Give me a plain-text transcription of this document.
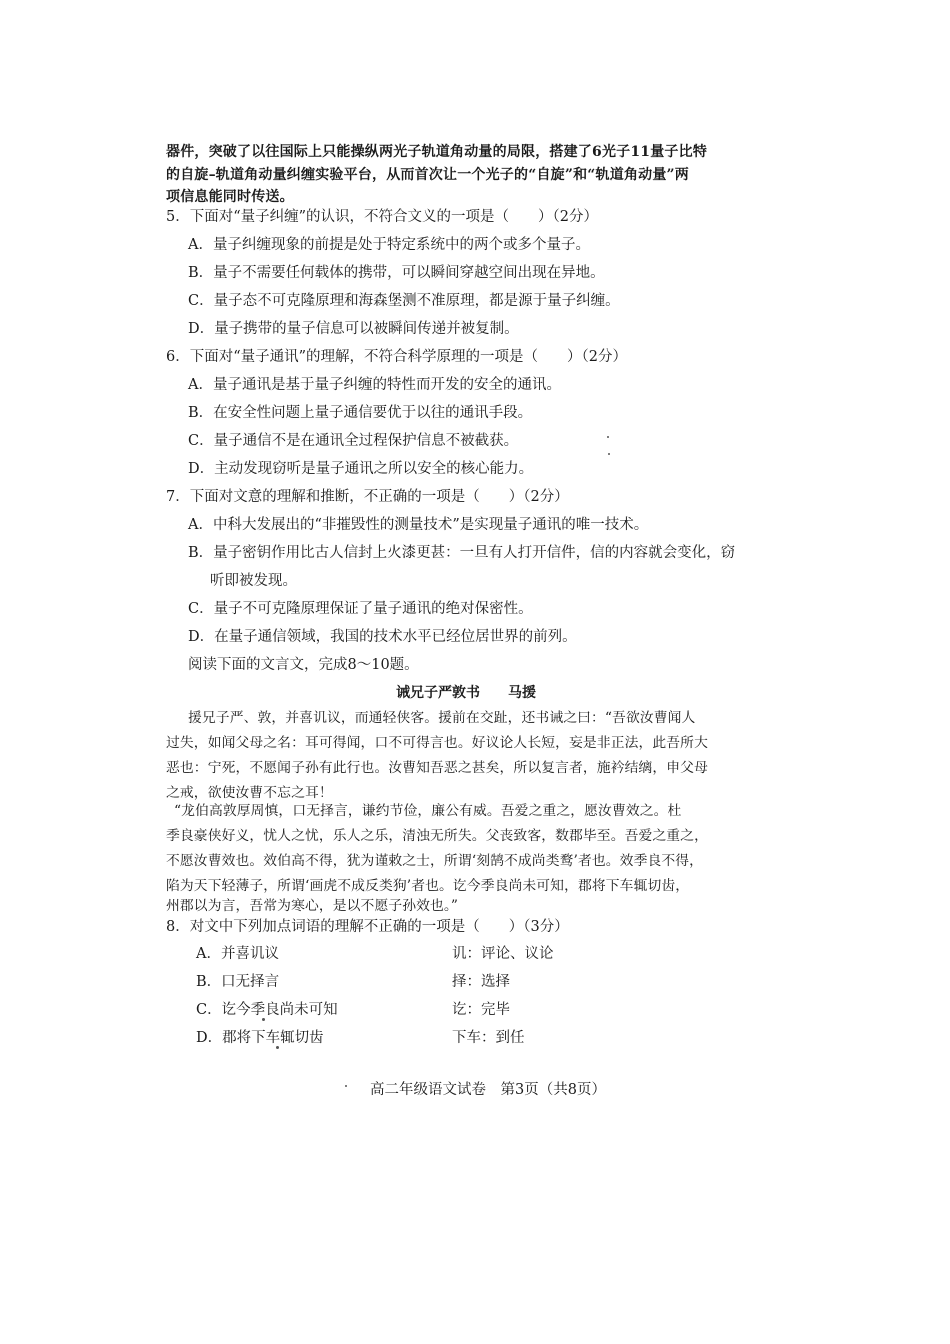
器件，突破了以往国际上只能操纵两光子轨道角动量的局限，搭建了6光子11量子比特
的自旋–轨道角动量纠缠实验平台，从而首次让一个光子的“自旋”和“轨道角动量”两
项信息能同时传送。
5．下面对“量子纠缠”的认识，不符合文义的一项是（　　）（2分）
A．量子纠缠现象的前提是处于特定系统中的两个或多个量子。
B．量子不需要任何载体的携带，可以瞬间穿越空间出现在异地。
C．量子态不可克隆原理和海森堡测不准原理，都是源于量子纠缠。
D．量子携带的量子信息可以被瞬间传递并被复制。
6．下面对“量子通讯”的理解，不符合科学原理的一项是（　　）（2分）
A．量子通讯是基于量子纠缠的特性而开发的安全的通讯。
B．在安全性问题上量子通信要优于以往的通讯手段。
C．量子通信不是在通讯全过程保护信息不被截获。
D．主动发现窃听是量子通讯之所以安全的核心能力。
7．下面对文意的理解和推断，不正确的一项是（　　）（2分）
A．中科大发展出的“非摧毁性的测量技术”是实现量子通讯的唯一技术。
B．量子密钥作用比古人信封上火漆更甚：一旦有人打开信件，信的内容就会变化，窃
听即被发现。
C．量子不可克隆原理保证了量子通讯的绝对保密性。
D．在量子通信领域，我国的技术水平已经位居世界的前列。
阅读下面的文言文，完成8～10题。
诫兄子严敦书　　马援
援兄子严、敦，并喜讥议，而通轻侠客。援前在交趾，还书诫之曰：“吾欲汝曹闻人
过失，如闻父母之名：耳可得闻，口不可得言也。好议论人长短，妄是非正法，此吾所大
恶也：宁死，不愿闻子孙有此行也。汝曹知吾恶之甚矣，所以复言者，施衿结缡，申父母
之戒，欲使汝曹不忘之耳！
“龙伯高敦厚周慎，口无择言，谦约节俭，廉公有威。吾爱之重之，愿汝曹效之。杜
季良豪侠好义，忧人之忧，乐人之乐，清浊无所失。父丧致客，数郡毕至。吾爱之重之，
不愿汝曹效也。效伯高不得，犹为谨敕之士，所谓‘刻鹄不成尚类鹜’者也。效季良不得，
陷为天下轻薄子，所谓‘画虎不成反类狗’者也。讫今季良尚未可知，郡将下车辄切齿，
州郡以为言，吾常为寒心，是以不愿子孙效也。”
8．对文中下列加点词语的理解不正确的一项是（　　）（3分）
A．并喜讥议	讥：评论、议论
B．口无择言	择：选择
C．讫今季良尚未可知	讫：完毕
D．郡将下车辄切齿	下车：到任
高二年级语文试卷　第3页（共8页）
